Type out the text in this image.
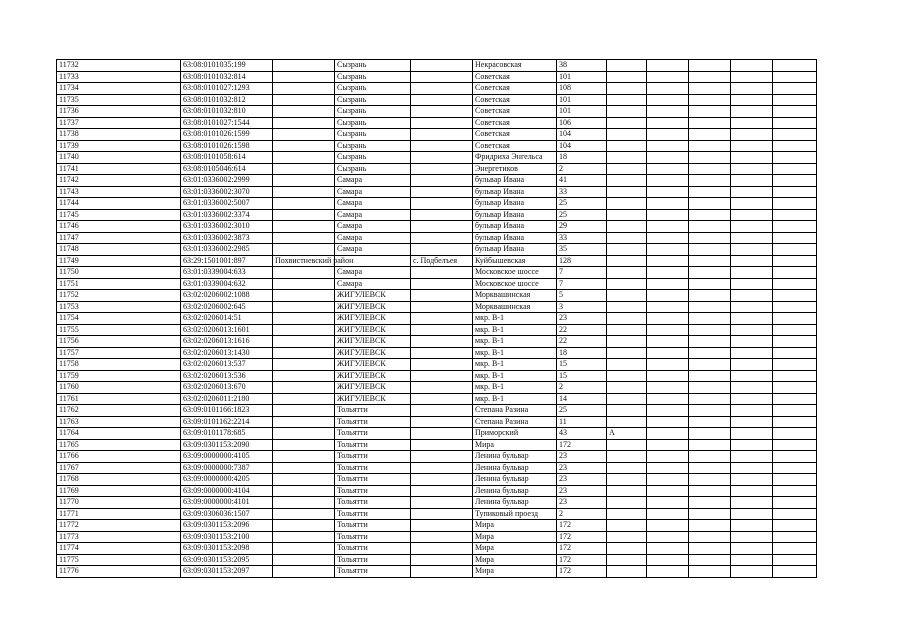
11732	63:08:0101035:199		Сызрань		Некрасовская	38					
11733	63:08:0101032:814		Сызрань		Советская	101					
11734	63:08:0101027:1293		Сызрань		Советская	108					
11735	63:08:0101032:812		Сызрань		Советская	101					
11736	63:08:0101032:810		Сызрань		Советская	101					
11737	63:08:0101027:1544		Сызрань		Советская	106					
11738	63:08:0101026:1599		Сызрань		Советская	104					
11739	63:08:0101026:1598		Сызрань		Советская	104					
11740	63:08:0101058:614		Сызрань		Фридриха Энгельса	18					
11741	63:08:0105046:614		Сызрань		Энергетиков	2					
11742	63:01:0336002:2999		Самара		бульвар Ивана	41					
11743	63:01:0336002:3070		Самара		бульвар Ивана	33					
11744	63:01:0336002:5007		Самара		бульвар Ивана	25					
11745	63:01:0336002:3374		Самара		бульвар Ивана	25					
11746	63:01:0336002:3010		Самара		бульвар Ивана	29					
11747	63:01:0336002:3873		Самара		бульвар Ивана	33					
11748	63:01:0336002:2985		Самара		бульвар Ивана	35					
11749	63:29:1501001:897	Похвистневский район		с. Подбелъея	Куйбышевская	128					
11750	63:01:0339004:633		Самара		Московское шоссе	7					
11751	63:01:0339004:632		Самара		Московское шоссе	7					
11752	63:02:0206002:1088		ЖИГУЛЕВСК		Морквашинская	5					
11753	63:02:0206002:645		ЖИГУЛЕВСК		Морквашинская	3					
11754	63:02:0206014:51		ЖИГУЛЕВСК		мкр. В-1	23					
11755	63:02:0206013:1601		ЖИГУЛЕВСК		мкр. В-1	22					
11756	63:02:0206013:1616		ЖИГУЛЕВСК		мкр. В-1	22					
11757	63:02:0206013:1430		ЖИГУЛЕВСК		мкр. В-1	18					
11758	63:02:0206013:537		ЖИГУЛЕВСК		мкр. В-1	15					
11759	63:02:0206013:536		ЖИГУЛЕВСК		мкр. В-1	15					
11760	63:02:0206013:670		ЖИГУЛЕВСК		мкр. В-1	2					
11761	63:02:0206011:2180		ЖИГУЛЕВСК		мкр. В-1	14					
11762	63:09:0101166:1823		Тольятти		Степана Разина	25					
11763	63:09:0101162:2214		Тольятти		Степана Разина	11					
11764	63:09:0101178:685		Тольятти		Приморский	43	А				
11765	63:09:0301153:2090		Тольятти		Мира	172					
11766	63:09:0000000:4105		Тольятти		Ленина бульвар	23					
11767	63:09:0000000:7387		Тольятти		Ленина бульвар	23					
11768	63:09:0000000:4205		Тольятти		Ленина бульвар	23					
11769	63:09:0000000:4104		Тольятти		Ленина бульвар	23					
11770	63:09:0000000:4101		Тольятти		Ленина бульвар	23					
11771	63:09:0306036:1507		Тольятти		Тупиковый проезд	2					
11772	63:09:0301153:2096		Тольятти		Мира	172					
11773	63:09:0301153:2100		Тольятти		Мира	172					
11774	63:09:0301153:2098		Тольятти		Мира	172					
11775	63:09:0301153:2095		Тольятти		Мира	172					
11776	63:09:0301153:2097		Тольятти		Мира	172					
